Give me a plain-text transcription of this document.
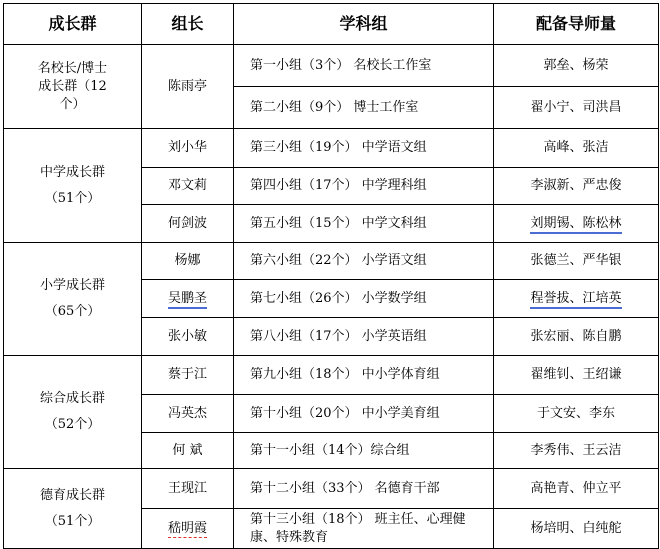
成长群	组长	学科组	配备导师量

名校长/博士
成长群（12
个）	陈雨亭	第一小组（3个） 名校长工作室	郭垒、杨荣
		第二小组（9个） 博士工作室	翟小宁、司洪昌

中学成长群
（51个）	刘小华	第三小组（19个） 中学语文组	高峰、张洁
	邓文莉	第四小组（17个） 中学理科组	李淑新、严忠俊
	何剑波	第五小组（15个） 中学文科组	刘期锡、陈松林

小学成长群
（65个）	杨娜	第六小组（22个） 小学语文组	张德兰、严华银
	吴鹏圣	第七小组（26个） 小学数学组	程誉拔、江培英
	张小敏	第八小组（17个） 小学英语组	张宏丽、陈自鹏

综合成长群
（52个）	蔡于江	第九小组（18个） 中小学体育组	翟维钊、王绍谦
	冯英杰	第十小组（20个） 中小学美育组	于文安、李东
	何 斌	第十一小组（14个）综合组	李秀伟、王云洁

德育成长群
（51个）	王现江	第十二小组（33个） 名德育干部	高艳青、仲立平
	嵇明霞	第十三小组（18个） 班主任、心理健康、特殊教育	杨培明、白纯舵
